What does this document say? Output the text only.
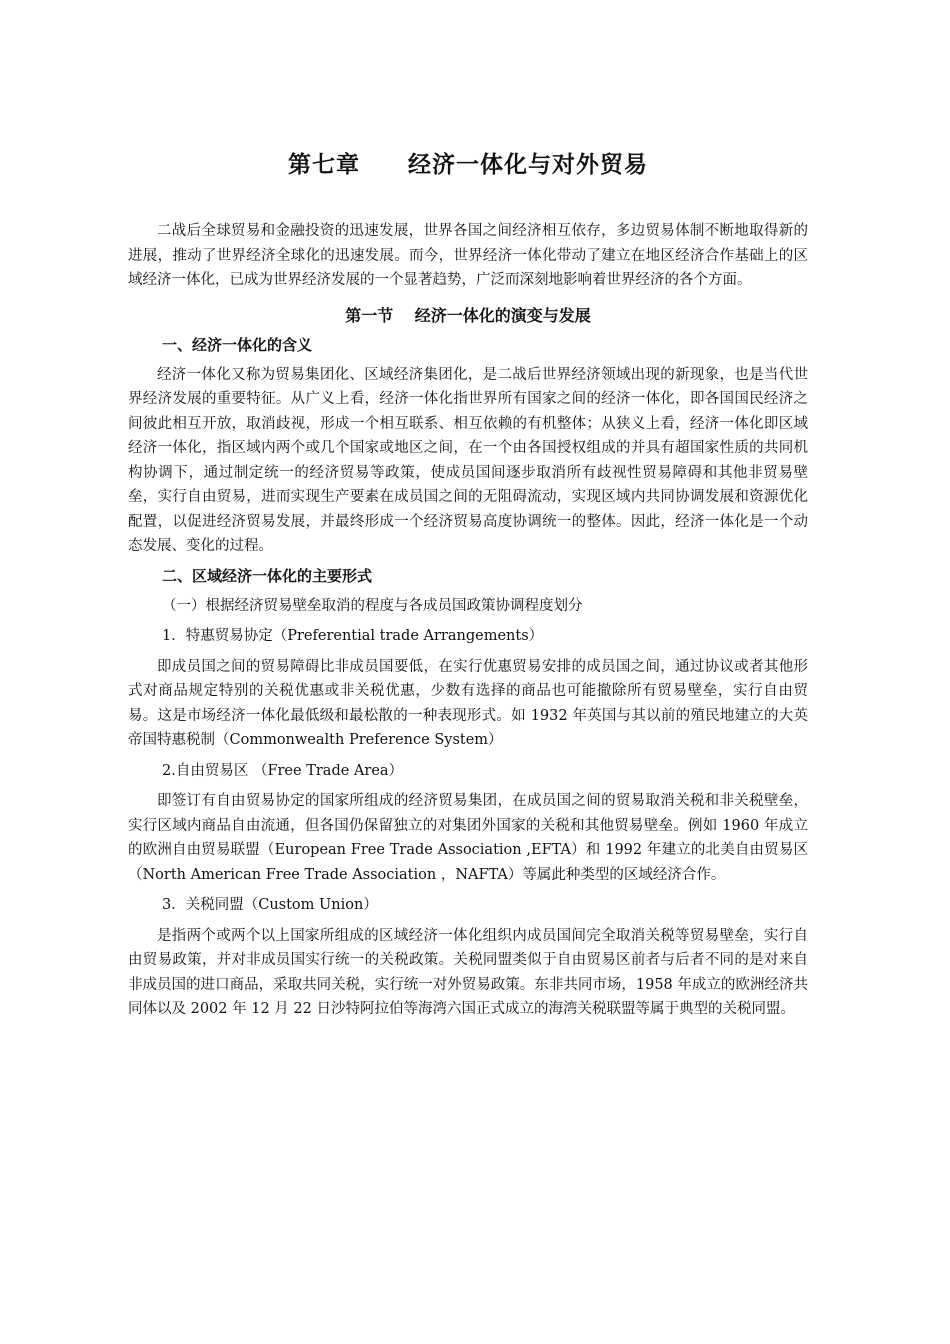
第七章　　经济一体化与对外贸易

二战后全球贸易和金融投资的迅速发展，世界各国之间经济相互依存，多边贸易体制不断地取得新的进展，推动了世界经济全球化的迅速发展。而今，世界经济一体化带动了建立在地区经济合作基础上的区域经济一体化，已成为世界经济发展的一个显著趋势，广泛而深刻地影响着世界经济的各个方面。

第一节　 经济一体化的演变与发展
一、经济一体化的含义

经济一体化又称为贸易集团化、区域经济集团化，是二战后世界经济领域出现的新现象，也是当代世界经济发展的重要特征。从广义上看，经济一体化指世界所有国家之间的经济一体化，即各国国民经济之间彼此相互开放，取消歧视，形成一个相互联系、相互依赖的有机整体；从狭义上看，经济一体化即区域经济一体化，指区域内两个或几个国家或地区之间，在一个由各国授权组成的并具有超国家性质的共同机构协调下，通过制定统一的经济贸易等政策，使成员国间逐步取消所有歧视性贸易障碍和其他非贸易壁垒，实行自由贸易，进而实现生产要素在成员国之间的无阻碍流动，实现区域内共同协调发展和资源优化配置，以促进经济贸易发展，并最终形成一个经济贸易高度协调统一的整体。因此，经济一体化是一个动态发展、变化的过程。

二、区域经济一体化的主要形式
（一）根据经济贸易壁垒取消的程度与各成员国政策协调程度划分
1．特惠贸易协定（Preferential trade Arrangements）

即成员国之间的贸易障碍比非成员国要低，在实行优惠贸易安排的成员国之间，通过协议或者其他形式对商品规定特别的关税优惠或非关税优惠，少数有选择的商品也可能撤除所有贸易壁垒，实行自由贸易。这是市场经济一体化最低级和最松散的一种表现形式。如 1932 年英国与其以前的殖民地建立的大英帝国特惠税制（Commonwealth Preference System）

2.自由贸易区 （Free Trade Area）

即签订有自由贸易协定的国家所组成的经济贸易集团，在成员国之间的贸易取消关税和非关税壁垒，实行区域内商品自由流通，但各国仍保留独立的对集团外国家的关税和其他贸易壁垒。例如 1960 年成立的欧洲自由贸易联盟（European Free Trade Association ,EFTA）和 1992 年建立的北美自由贸易区（North American Free Trade Association ，NAFTA）等属此种类型的区域经济合作。

3．关税同盟（Custom Union）

是指两个或两个以上国家所组成的区域经济一体化组织内成员国间完全取消关税等贸易壁垒，实行自由贸易政策，并对非成员国实行统一的关税政策。关税同盟类似于自由贸易区前者与后者不同的是对来自非成员国的进口商品，采取共同关税，实行统一对外贸易政策。东非共同市场，1958 年成立的欧洲经济共同体以及 2002 年 12 月 22 日沙特阿拉伯等海湾六国正式成立的海湾关税联盟等属于典型的关税同盟。
